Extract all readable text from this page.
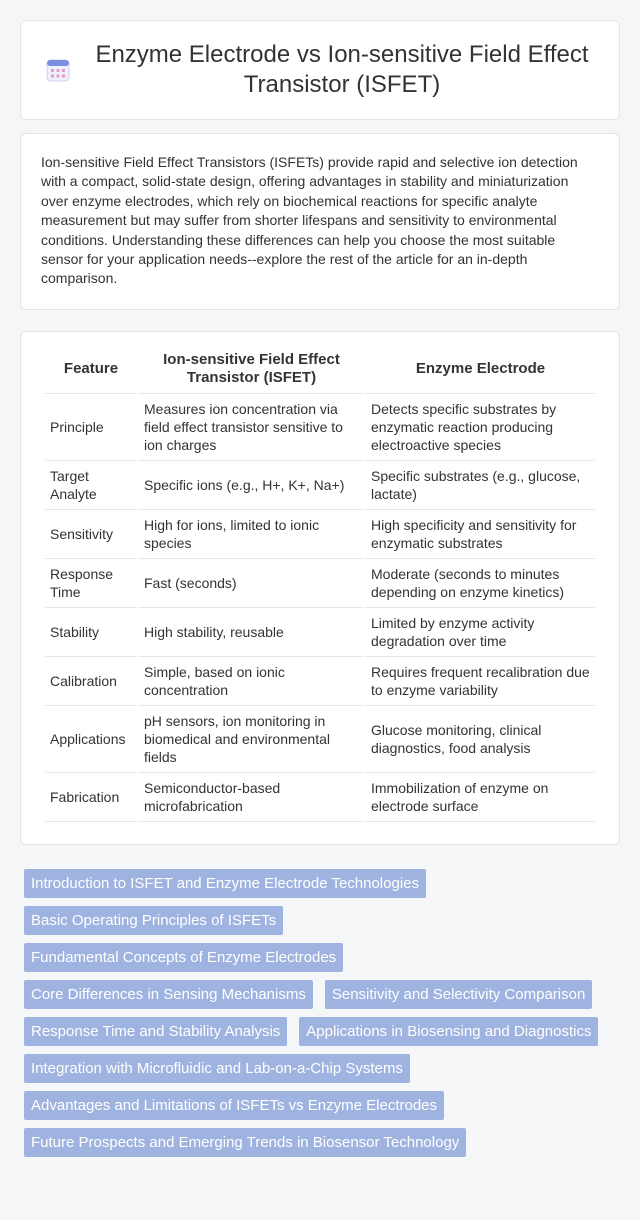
Enzyme Electrode vs Ion-sensitive Field Effect Transistor (ISFET)

Ion-sensitive Field Effect Transistors (ISFETs) provide rapid and selective ion detection with a compact, solid-state design, offering advantages in stability and miniaturization over enzyme electrodes, which rely on biochemical reactions for specific analyte measurement but may suffer from shorter lifespans and sensitivity to environmental conditions. Understanding these differences can help you choose the most suitable sensor for your application needs--explore the rest of the article for an in-depth comparison.

Feature	Ion-sensitive Field Effect Transistor (ISFET)	Enzyme Electrode
Principle	Measures ion concentration via field effect transistor sensitive to ion charges	Detects specific substrates by enzymatic reaction producing electroactive species
Target Analyte	Specific ions (e.g., H+, K+, Na+)	Specific substrates (e.g., glucose, lactate)
Sensitivity	High for ions, limited to ionic species	High specificity and sensitivity for enzymatic substrates
Response Time	Fast (seconds)	Moderate (seconds to minutes depending on enzyme kinetics)
Stability	High stability, reusable	Limited by enzyme activity degradation over time
Calibration	Simple, based on ionic concentration	Requires frequent recalibration due to enzyme variability
Applications	pH sensors, ion monitoring in biomedical and environmental fields	Glucose monitoring, clinical diagnostics, food analysis
Fabrication	Semiconductor-based microfabrication	Immobilization of enzyme on electrode surface
Introduction to ISFET and Enzyme Electrode Technologies
Basic Operating Principles of ISFETs
Fundamental Concepts of Enzyme Electrodes
Core Differences in Sensing Mechanisms	Sensitivity and Selectivity Comparison
Response Time and Stability Analysis	Applications in Biosensing and Diagnostics
Integration with Microfluidic and Lab-on-a-Chip Systems
Advantages and Limitations of ISFETs vs Enzyme Electrodes
Future Prospects and Emerging Trends in Biosensor Technology
